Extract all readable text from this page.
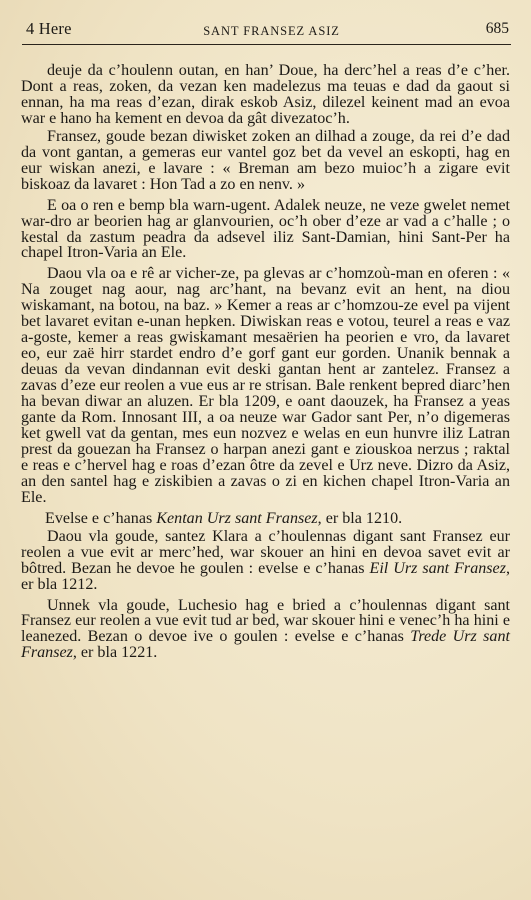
4 Here	SANT FRANSEZ ASIZ	685

deuje da c’houlenn outan, en han’ Doue, ha derc’hel a reas d’e c’her. Dont a reas, zoken, da vezan ken madelezus ma teuas e dad da gaout si ennan, ha ma reas d’ezan, dirak eskob Asiz, dilezel keinent mad an evoa war e hano ha kement en devoa da gât divezatoc’h.

Fransez, goude bezan diwisket zoken an dilhad a zouge, da rei d’e dad da vont gantan, a gemeras eur vantel goz bet da vevel an eskopti, hag en eur wiskan anezi, e lavare : « Breman am bezo muioc’h a zigare evit biskoaz da lavaret : Hon Tad a zo en nenv. »

E oa o ren e bemp bla warn-ugent. Adalek neuze, ne veze gwelet nemet war-dro ar beorien hag ar glanvourien, oc’h ober d’eze ar vad a c’halle ; o kestal da zastum peadra da adsevel iliz Sant-Damian, hini Sant-Per ha chapel Itron-Varia an Ele.

Daou vla oa e rê ar vicher-ze, pa glevas ar c’homzoù-man en oferen : « Na zouget nag aour, nag arc’hant, na bevanz evit an hent, na diou wiskamant, na botou, na baz. » Kemer a reas ar c’homzou-ze evel pa vijent bet lavaret evitan e-unan hepken. Diwiskan reas e votou, teurel a reas e vaz a-goste, kemer a reas gwiskamant mesaërien ha peorien e vro, da lavaret eo, eur zaë hirr stardet endro d’e gorf gant eur gorden. Unanik bennak a deuas da vevan dindannan evit deski gantan hent ar zantelez. Fransez a zavas d’eze eur reolen a vue eus ar re strisan. Bale renkent bepred diarc’hen ha bevan diwar an aluzen. Er bla 1209, e oant daouzek, ha Fransez a yeas gante da Rom. Innosant III, a oa neuze war Gador sant Per, n’o digemeras ket gwell vat da gentan, mes eun nozvez e welas en eun hunvre iliz Latran prest da gouezan ha Fransez o harpan anezi gant e ziouskoa nerzus ; raktal e reas e c’hervel hag e roas d’ezan ôtre da zevel e Urz neve. Dizro da Asiz, an den santel hag e ziskibien a zavas o zi en kichen chapel Itron-Varia an Ele.

Evelse e c’hanas Kentan Urz sant Fransez, er bla 1210.

Daou vla goude, santez Klara a c’houlennas digant sant Fransez eur reolen a vue evit ar merc’hed, war skouer an hini en devoa savet evit ar bôtred. Bezan he devoe he goulen : evelse e c’hanas Eil Urz sant Fransez, er bla 1212.

Unnek vla goude, Luchesio hag e bried a c’houlennas digant sant Fransez eur reolen a vue evit tud ar bed, war skouer hini e venec’h ha hini e leanezed. Bezan o devoe ive o goulen : evelse e c’hanas Trede Urz sant Fransez, er bla 1221.
